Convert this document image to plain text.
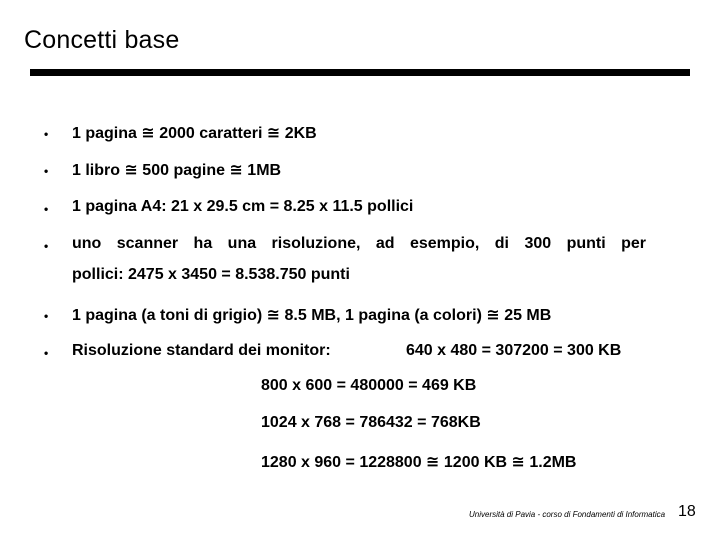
Concetti base
• 1 pagina ≅ 2000 caratteri ≅ 2KB
• 1 libro ≅ 500 pagine ≅ 1MB
• 1 pagina A4: 21 x 29.5 cm = 8.25 x 11.5 pollici
• uno scanner ha una risoluzione, ad esempio, di 300 punti per
pollici: 2475 x 3450 = 8.538.750 punti
• 1 pagina (a toni di grigio) ≅ 8.5 MB, 1 pagina (a colori) ≅ 25 MB
• Risoluzione standard dei monitor:	640 x 480 = 307200 = 300 KB
800 x 600 = 480000 = 469 KB
1024 x 768 = 786432 = 768KB
1280 x 960 = 1228800 ≅ 1200 KB ≅ 1.2MB
Università di Pavia - corso di Fondamenti di Informatica 18
